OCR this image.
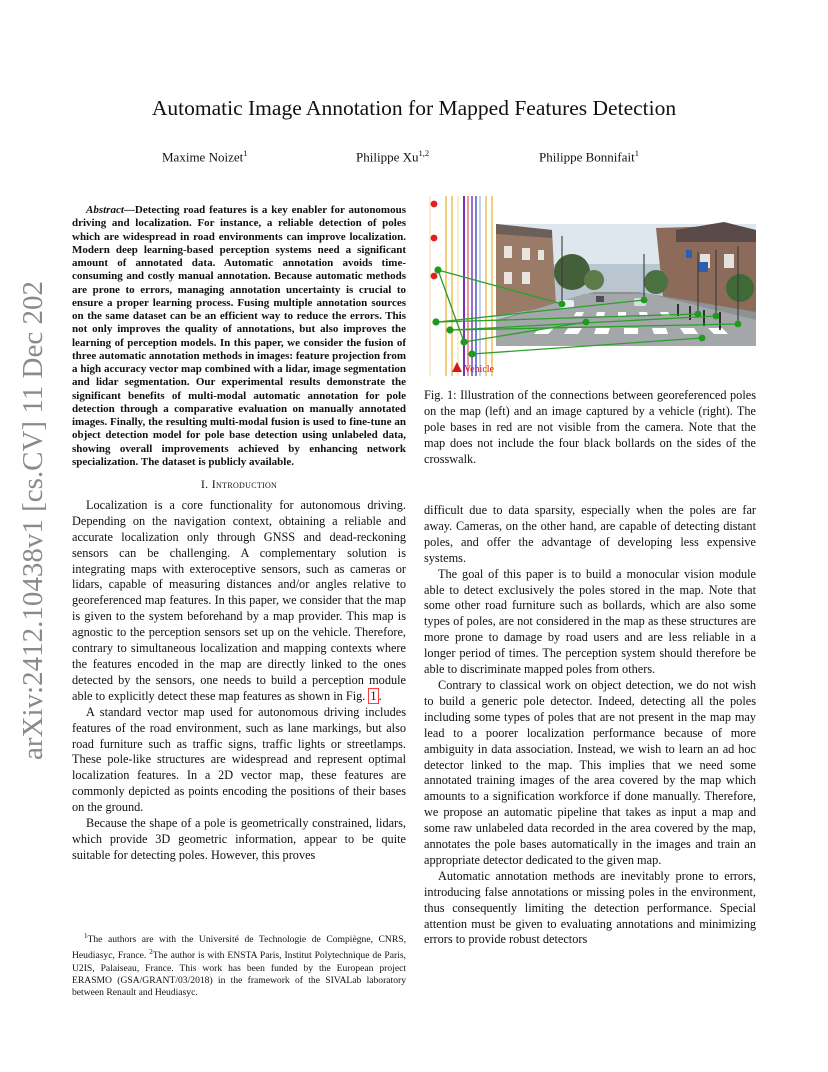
arXiv:2412.10438v1 [cs.CV] 11 Dec 2024
Automatic Image Annotation for Mapped Features Detection
Maxime Noizet$^1$	Philippe Xu$^{1,2}$	Philippe Bonnifait$^1$

Abstract—Detecting road features is a key enabler for autonomous driving and localization. For instance, a reliable detection of poles which are widespread in road environments can improve localization. Modern deep learning-based perception systems need a significant amount of annotated data. Automatic annotation avoids time-consuming and costly manual annotation. Because automatic methods are prone to errors, managing annotation uncertainty is crucial to ensure a proper learning process. Fusing multiple annotation sources on the same dataset can be an efficient way to reduce the errors. This not only improves the quality of annotations, but also improves the learning of perception models. In this paper, we consider the fusion of three automatic annotation methods in images: feature projection from a high accuracy vector map combined with a lidar, image segmentation and lidar segmentation. Our experimental results demonstrate the significant benefits of multi-modal automatic annotation for pole detection through a comparative evaluation on manually annotated images. Finally, the resulting multi-modal fusion is used to fine-tune an object detection model for pole base detection using unlabeled data, showing overall improvements achieved by enhancing network specialization. The dataset is publicly available.

I. Introduction

Localization is a core functionality for autonomous driving. Depending on the navigation context, obtaining a reliable and accurate localization only through GNSS and dead-reckoning sensors can be challenging. A complementary solution is integrating maps with exteroceptive sensors, such as cameras or lidars, capable of measuring distances and/or angles relative to georeferenced map features. In this paper, we consider that the map is given to the system beforehand by a map provider. This map is agnostic to the perception sensors set up on the vehicle. Therefore, contrary to simultaneous localization and mapping contexts where the features encoded in the map are directly linked to the ones detected by the sensors, one needs to build a perception module able to explicitly detect these map features as shown in Fig. 1 .

A standard vector map used for autonomous driving includes features of the road environment, such as lane markings, but also road furniture such as traffic signs, traffic lights or streetlamps. These pole-like structures are widespread and represent optimal localization features. In a 2D vector map, these features are commonly depicted as points encoding the positions of their bases on the ground.

Because the shape of a pole is geometrically constrained, lidars, which provide 3D geometric information, appear to be quite suitable for detecting poles. However, this proves

$^1$The authors are with the Université de Technologie de Compiègne, CNRS, Heudiasyc, France. $^2$The author is with ENSTA Paris, Institut Polytechnique de Paris, U2IS, Palaiseau, France. This work has been funded by the European project ERASMO (GSA/GRANT/03/2018) in the framework of the SIVALab laboratory between Renault and Heudiasyc.
Vehicle
Fig. 1: Illustration of the connections between georeferenced poles on the map (left) and an image captured by a vehicle (right). The pole bases in red are not visible from the camera. Note that the map does not include the four black bollards on the sides of the crosswalk.

difficult due to data sparsity, especially when the poles are far away. Cameras, on the other hand, are capable of detecting distant poles, and offer the advantage of developing less expensive systems.

The goal of this paper is to build a monocular vision module able to detect exclusively the poles stored in the map. Note that some other road furniture such as bollards, which are also some types of poles, are not considered in the map as these structures are more prone to damage by road users and are less reliable in a longer period of times. The perception system should therefore be able to discriminate mapped poles from others.

Contrary to classical work on object detection, we do not wish to build a generic pole detector. Indeed, detecting all the poles including some types of poles that are not present in the map may lead to a poorer localization performance because of more ambiguity in data association. Instead, we wish to learn an ad hoc detector linked to the map. This implies that we need some annotated training images of the area covered by the map which amounts to a signification workforce if done manually. Therefore, we propose an automatic pipeline that takes as input a map and some raw unlabeled data recorded in the area covered by the map, annotates the pole bases automatically in the images and train an appropriate detector dedicated to the given map.

Automatic annotation methods are inevitably prone to errors, introducing false annotations or missing poles in the environment, thus consequently limiting the detection performance. Special attention must be given to evaluating annotations and minimizing errors to provide robust detectors
